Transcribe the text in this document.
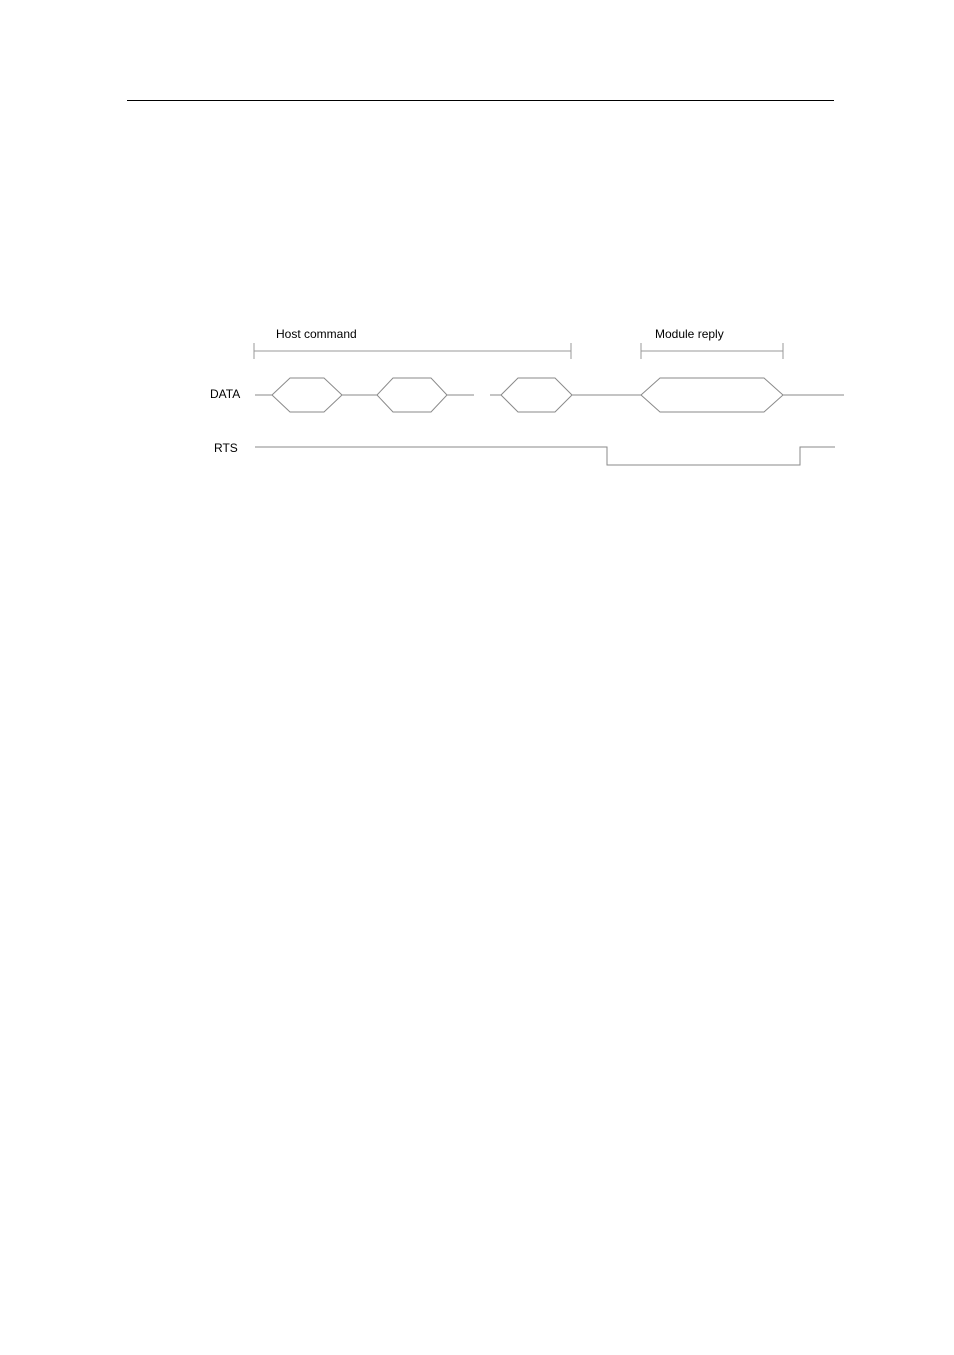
Host command	Module reply
DATA
RTS
